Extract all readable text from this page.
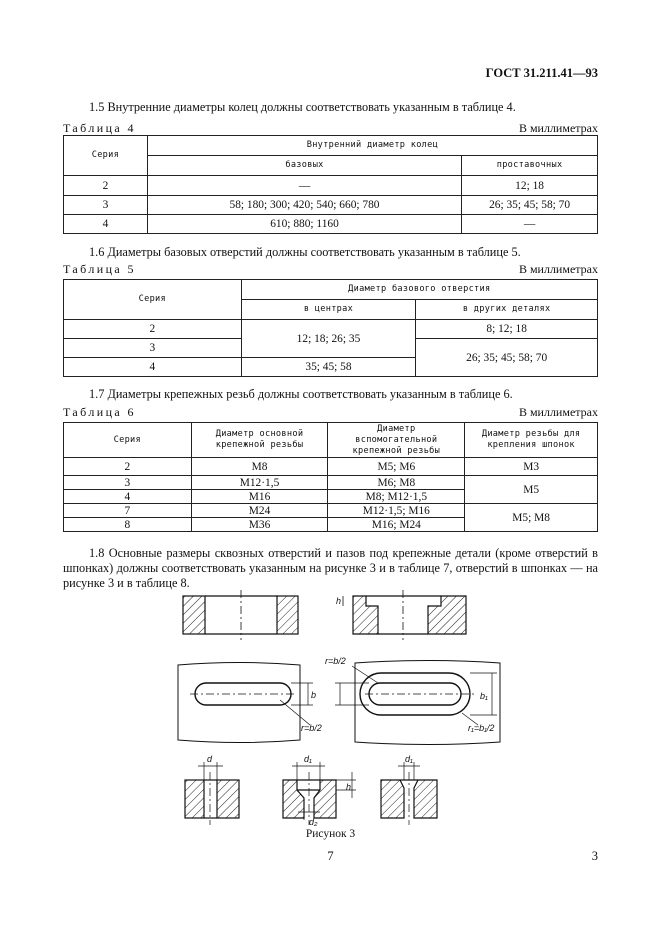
ГОСТ 31.211.41—93
1.5 Внутренние диаметры колец должны соответствовать указанным в таблице 4.
Таблица 4	В миллиметрах
Серия	Внутренний диаметр колец	
	базовых	проставочных
2	—	12; 18
3	58; 180; 300; 420; 540; 660; 780	26; 35; 45; 58; 70
4	610; 880; 1160	—
1.6 Диаметры базовых отверстий должны соответствовать указанным в таблице 5.
Таблица 5	В миллиметрах
Серия	Диаметр базового отверстия	
	в центрах	в других деталях
2	12; 18; 26; 35	8; 12; 18
3		26; 35; 45; 58; 70
4	35; 45; 58	
1.7 Диаметры крепежных резьб должны соответствовать указанным в таблице 6.
Таблица 6	В миллиметрах
Серия	Диаметр основной крепежной резьбы	Диаметр вспомогательной крепежной резьбы	Диаметр резьбы для крепления шпонок
2	M8	M5; M6	M3
3	M12·1,5	M6; M8	M5
4	M16	M8; M12·1,5	
7	M24	M12·1,5; M16	M5; M8
8	M36	M16; M24	
1.8 Основные размеры сквозных отверстий и пазов под крепежные детали (кроме отверстий в шпонках) должны соответствовать указанным на рисунке 3 и в таблице 7, отверстий в шпонках — на рисунке 3 и в таблице 8.
h
b	b₁
r=b/2
r=b/2
r₁=b₁/2
d	d₁
d₂
h
d₁
Рисунок 3
7	3
